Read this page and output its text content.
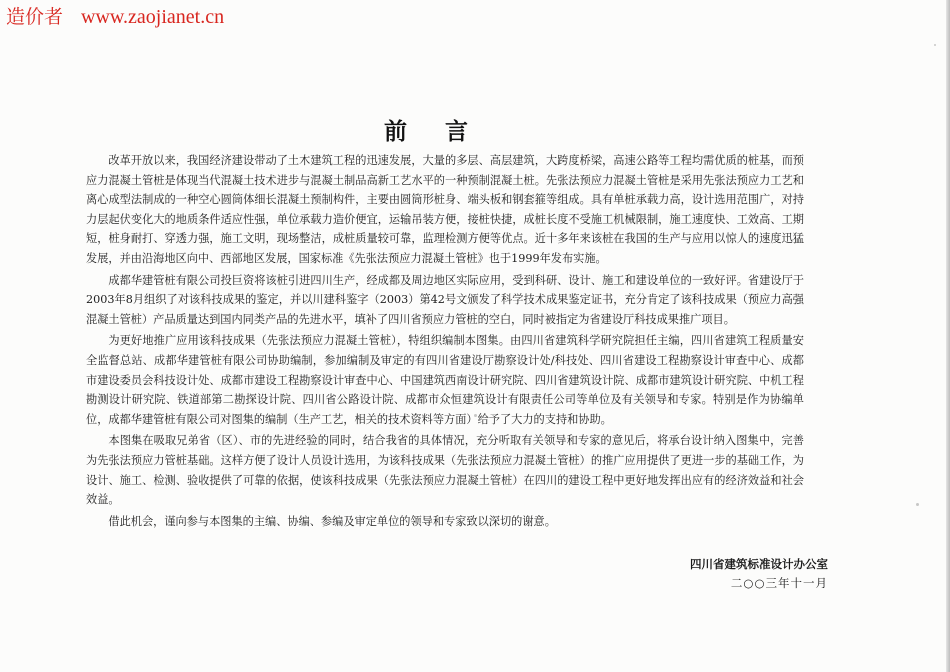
造价者 www.zaojianet.cn
前言

改革开放以来，我国经济建设带动了土木建筑工程的迅速发展，大量的多层、高层建筑，大跨度桥梁，高速公路等工程均需优质的桩基，而预应力混凝土管桩是体现当代混凝土技术进步与混凝土制品高新工艺水平的一种预制混凝土桩。先张法预应力混凝土管桩是采用先张法预应力工艺和离心成型法制成的一种空心圆筒体细长混凝土预制构件，主要由圆筒形桩身、端头板和钢套箍等组成。具有单桩承载力高，设计选用范围广，对持力层起伏变化大的地质条件适应性强，单位承载力造价便宜，运输吊装方便，接桩快捷，成桩长度不受施工机械限制，施工速度快、工效高、工期短，桩身耐打、穿透力强，施工文明，现场整洁，成桩质量较可靠，监理检测方便等优点。近十多年来该桩在我国的生产与应用以惊人的速度迅猛发展，并由沿海地区向中、西部地区发展，国家标准《先张法预应力混凝土管桩》也于1999年发布实施。

成都华建管桩有限公司投巨资将该桩引进四川生产，经成都及周边地区实际应用，受到科研、设计、施工和建设单位的一致好评。省建设厅于2003年8月组织了对该科技成果的鉴定，并以川建科鉴字（2003）第42号文颁发了科学技术成果鉴定证书，充分肯定了该科技成果（预应力高强混凝土管桩）产品质量达到国内同类产品的先进水平，填补了四川省预应力管桩的空白，同时被指定为省建设厅科技成果推广项目。

为更好地推广应用该科技成果（先张法预应力混凝土管桩），特组织编制本图集。由四川省建筑科学研究院担任主编，四川省建筑工程质量安全监督总站、成都华建管桩有限公司协助编制，参加编制及审定的有四川省建设厅勘察设计处/科技处、四川省建设工程勘察设计审查中心、成都市建设委员会科技设计处、成都市建设工程勘察设计审查中心、中国建筑西南设计研究院、四川省建筑设计院、成都市建筑设计研究院、中机工程勘测设计研究院、铁道部第二勘探设计院、四川省公路设计院、成都市众恒建筑设计有限责任公司等单位及有关领导和专家。特别是作为协编单位，成都华建管桩有限公司对图集的编制（生产工艺，相关的技术资料等方面）给予了大力的支持和协助。

本图集在吸取兄弟省（区）、市的先进经验的同时，结合我省的具体情况，充分听取有关领导和专家的意见后，将承台设计纳入图集中，完善为先张法预应力管桩基础。这样方便了设计人员设计选用，为该科技成果（先张法预应力混凝土管桩）的推广应用提供了更进一步的基础工作，为设计、施工、检测、验收提供了可靠的依据，使该科技成果（先张法预应力混凝土管桩）在四川的建设工程中更好地发挥出应有的经济效益和社会效益。

借此机会，谨向参与本图集的主编、协编、参编及审定单位的领导和专家致以深切的谢意。

四川省建筑标准设计办公室
二○○三年十一月
